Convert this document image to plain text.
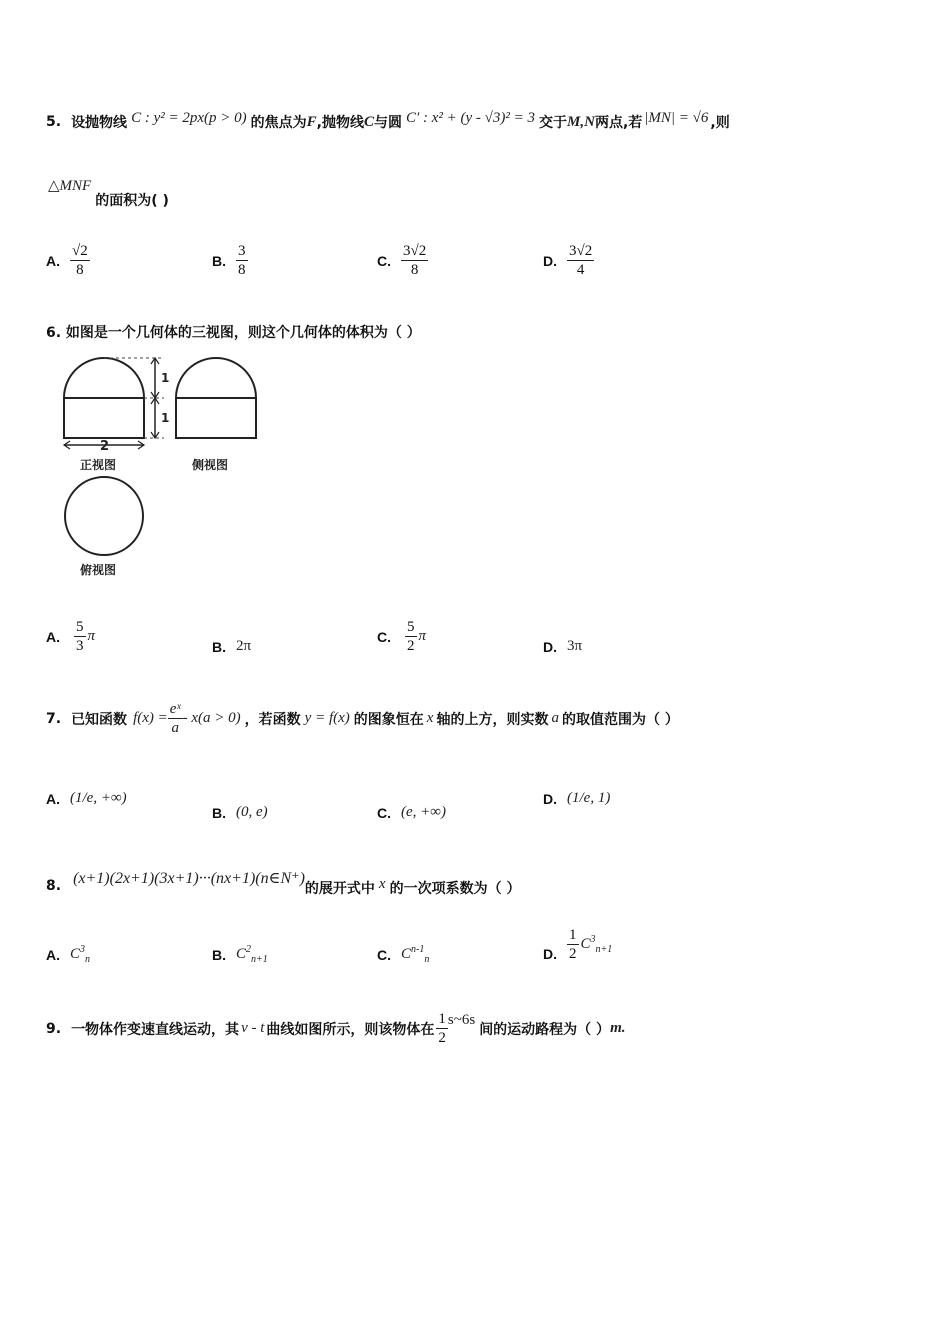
5. 设抛物线 C : y² = 2px(p > 0) 的焦点为 F ,抛物线 C 与圆 C′ : x² + (y - √3)² = 3 交于 M,N 两点,若 |MN| = √6 ,则
△MNF
的面积为( )
A. $\frac{√2}{8}$	B. $\frac{3}{8}$	C. $\frac{3√2}{8}$	D. $\frac{3√2}{4}$
6. 如图是一个几何体的三视图，则这个几何体的体积为（ ）
1
1
2
正视图	侧视图
俯视图
A. $\frac{5}{3}$ π
B. 2π
C. $\frac{5}{2}$ π
D. 3π
7. 已知函数 $f(x) = \frac{\text{eˣ}}{a} - x(a > 0)$ ，若函数 y = f(x) 的图象恒在 x 轴的上方，则实数 a 的取值范围为（ ）
A. (1/e, +∞)
B. (0, e)	C. (e, +∞)
D. (1/e, 1)
8. (x+1)(2x+1)(3x+1)···(nx+1)(n∈N⁺)
的展开式中 x 的一次项系数为（ ）
A. $C^3_n$	B. $C^2_{n+1}$	C. $C^{n-1}_n$	D. $\frac{1}{2} C^3_{n+1}$
9. 一物体作变速直线运动，其 v - t 曲线如图所示，则该物体在 $\frac{1}{2}$ s~6s
间的运动路程为（ ） m.
